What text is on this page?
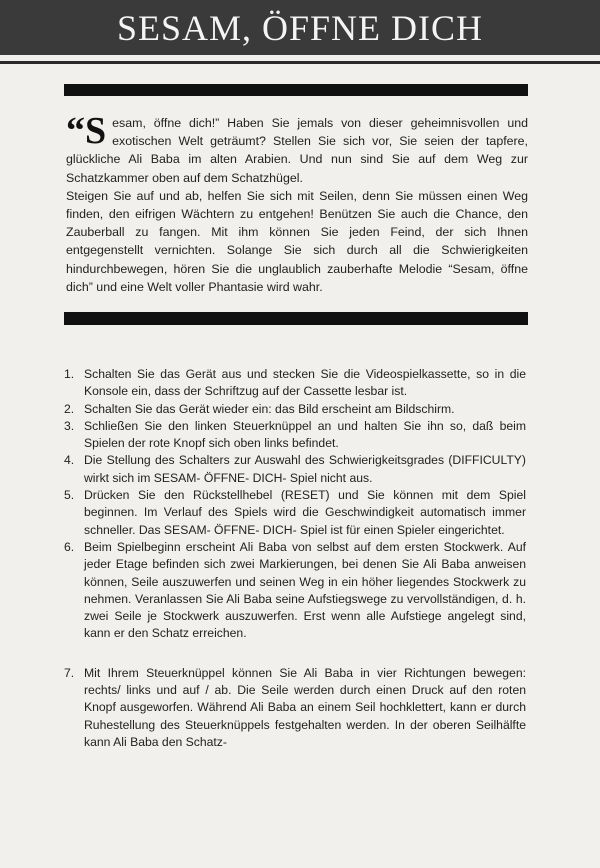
SESAM, ÖFFNE DICH
“S esam, öffne dich!” Haben Sie jemals von dieser geheimnisvollen und exotischen Welt geträumt? Stellen Sie sich vor, Sie seien der tapfere, glückliche Ali Baba im alten Arabien. Und nun sind Sie auf dem Weg zur Schatzkammer oben auf dem Schatzhügel.

Steigen Sie auf und ab, helfen Sie sich mit Seilen, denn Sie müssen einen Weg finden, den eifrigen Wächtern zu entgehen! Benützen Sie auch die Chance, den Zauberball zu fangen. Mit ihm können Sie jeden Feind, der sich Ihnen entgegenstellt vernichten. Solange Sie sich durch all die Schwierigkeiten hindurchbewegen, hören Sie die unglaublich zauberhafte Melodie “Sesam, öffne dich” und eine Welt voller Phantasie wird wahr.

1. Schalten Sie das Gerät aus und stecken Sie die Videospielkassette, so in die Konsole ein, dass der Schriftzug auf der Cassette lesbar ist.
2. Schalten Sie das Gerät wieder ein: das Bild erscheint am Bildschirm.
3. Schließen Sie den linken Steuerknüppel an und halten Sie ihn so, daß beim Spielen der rote Knopf sich oben links befindet.
4. Die Stellung des Schalters zur Auswahl des Schwierigkeitsgrades (DIFFICULTY) wirkt sich im SESAM- ÖFFNE- DICH- Spiel nicht aus.
5. Drücken Sie den Rückstellhebel (RESET) und Sie können mit dem Spiel beginnen. Im Verlauf des Spiels wird die Geschwindigkeit automatisch immer schneller. Das SESAM- ÖFFNE- DICH- Spiel ist für einen Spieler eingerichtet.
6. Beim Spielbeginn erscheint Ali Baba von selbst auf dem ersten Stockwerk. Auf jeder Etage befinden sich zwei Markierungen, bei denen Sie Ali Baba anweisen können, Seile auszuwerfen und seinen Weg in ein höher liegendes Stockwerk zu nehmen. Veranlassen Sie Ali Baba seine Aufstiegswege zu vervollständigen, d. h. zwei Seile je Stockwerk auszuwerfen. Erst wenn alle Aufstiege angelegt sind, kann er den Schatz erreichen.
7. Mit Ihrem Steuerknüppel können Sie Ali Baba in vier Richtungen bewegen: rechts/ links und auf / ab. Die Seile werden durch einen Druck auf den roten Knopf ausgeworfen. Während Ali Baba an einem Seil hochklettert, kann er durch Ruhestellung des Steuerknüppels festgehalten werden. In der oberen Seilhälfte kann Ali Baba den Schatz-
